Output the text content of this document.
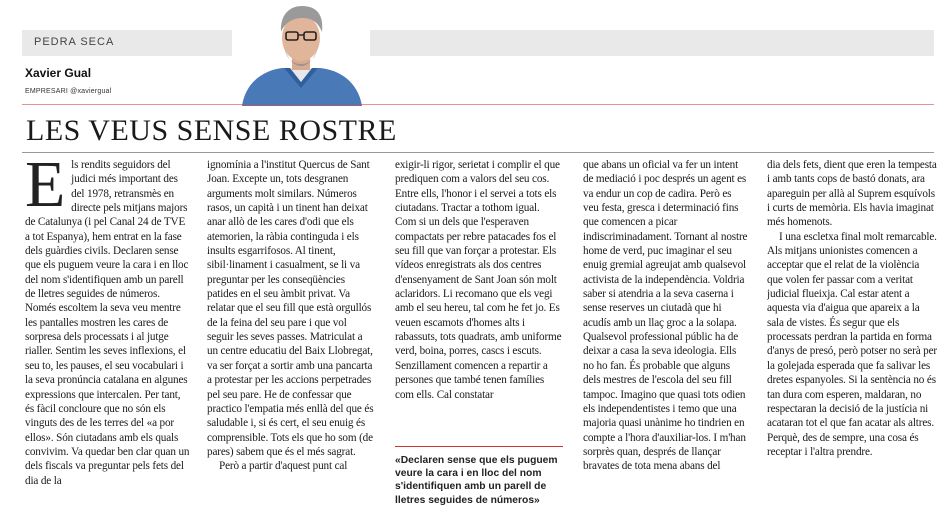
PEDRA SECA
Xavier Gual
EMPRESARI @xaviergual
LES VEUS SENSE ROSTRE
E ls rendits seguidors del judici més important des del 1978, retransmès en directe pels mitjans majors de Catalunya (i pel Canal 24 de TVE a tot Espanya), hem entrat en la fase dels guàrdies civils. Declaren sense que els puguem veure la cara i en lloc del nom s'identifiquen amb un parell de lletres seguides de números. Només escoltem la seva veu mentre les pantalles mostren les cares de sorpresa dels processats i al jutge rialler. Sentim les seves inflexions, el seu to, les pauses, el seu vocabulari i la seva pronúncia catalana en algunes expressions que intercalen. Per tant, és fàcil concloure que no són els vinguts des de les terres del «a por ellos». Són ciutadans amb els quals convivim. Va quedar ben clar quan un dels fiscals va preguntar pels fets del dia de la

ignomínia a l'institut Quercus de Sant Joan. Excepte un, tots desgranen arguments molt similars. Números rasos, un capità i un tinent han deixat anar allò de les cares d'odi que els atemorien, la ràbia continguda i els insults esgarrifosos. Al tinent, sibil·linament i casualment, se li va preguntar per les conseqüències patides en el seu àmbit privat. Va relatar que el seu fill que està orgullós de la feina del seu pare i que vol seguir les seves passes. Matriculat a un centre educatiu del Baix Llobregat, va ser forçat a sortir amb una pancarta a protestar per les accions perpetrades pel seu pare. He de confessar que practico l'empatia més enllà del que és saludable i, si és cert, el seu enuig és comprensible. Tots els que ho som (de pares) sabem que és el més sagrat.

Però a partir d'aquest punt cal

exigir-li rigor, serietat i complir el que prediquen com a valors del seu cos. Entre ells, l'honor i el servei a tots els ciutadans. Tractar a tothom igual. Com si un dels que l'esperaven compactats per rebre patacades fos el seu fill que van forçar a protestar. Els vídeos enregistrats als dos centres d'ensenyament de Sant Joan són molt aclaridors. Li recomano que els vegi amb el seu hereu, tal com he fet jo. Es veuen escamots d'homes alts i rabassuts, tots quadrats, amb uniforme verd, boina, porres, cascs i escuts. Senzillament comencen a repartir a persones que també tenen famílies com ells. Cal constatar

«Declaren sense que els puguem veure la cara i en lloc del nom s'identifiquen amb un parell de lletres seguides de números»

que abans un oficial va fer un intent de mediació i poc després un agent es va endur un cop de cadira. Però es veu festa, gresca i determinació fins que comencen a picar indiscriminadament. Tornant al nostre home de verd, puc imaginar el seu enuig gremial agreujat amb qualsevol activista de la independència. Voldria saber si atendria a la seva caserna i sense reserves un ciutadà que hi acudís amb un llaç groc a la solapa. Qualsevol professional públic ha de deixar a casa la seva ideologia. Ells no ho fan. És probable que alguns dels mestres de l'escola del seu fill tampoc. Imagino que quasi tots odien els independentistes i temo que una majoria quasi unànime ho tindrien en compte a l'hora d'auxiliar-los. I m'han sorprès quan, després de llançar bravates de tota mena abans del

dia dels fets, dient que eren la tempesta i amb tants cops de bastó donats, ara apareguin per allà al Suprem esquívols i curts de memòria. Els havia imaginat més homenots.

I una escletxa final molt remarcable. Als mitjans unionistes comencen a acceptar que el relat de la violència que volen fer passar com a veritat judicial flueixja. Cal estar atent a aquesta via d'aigua que apareix a la sala de vistes. És segur que els processats perdran la partida en forma d'anys de presó, però potser no serà per la golejada esperada que fa salivar les dretes espanyoles. Si la sentència no és tan dura com esperen, maldaran, no respectaran la decisió de la justícia ni acataran tot el que fan acatar als altres. Perquè, des de sempre, una cosa és receptar i l'altra prendre.
